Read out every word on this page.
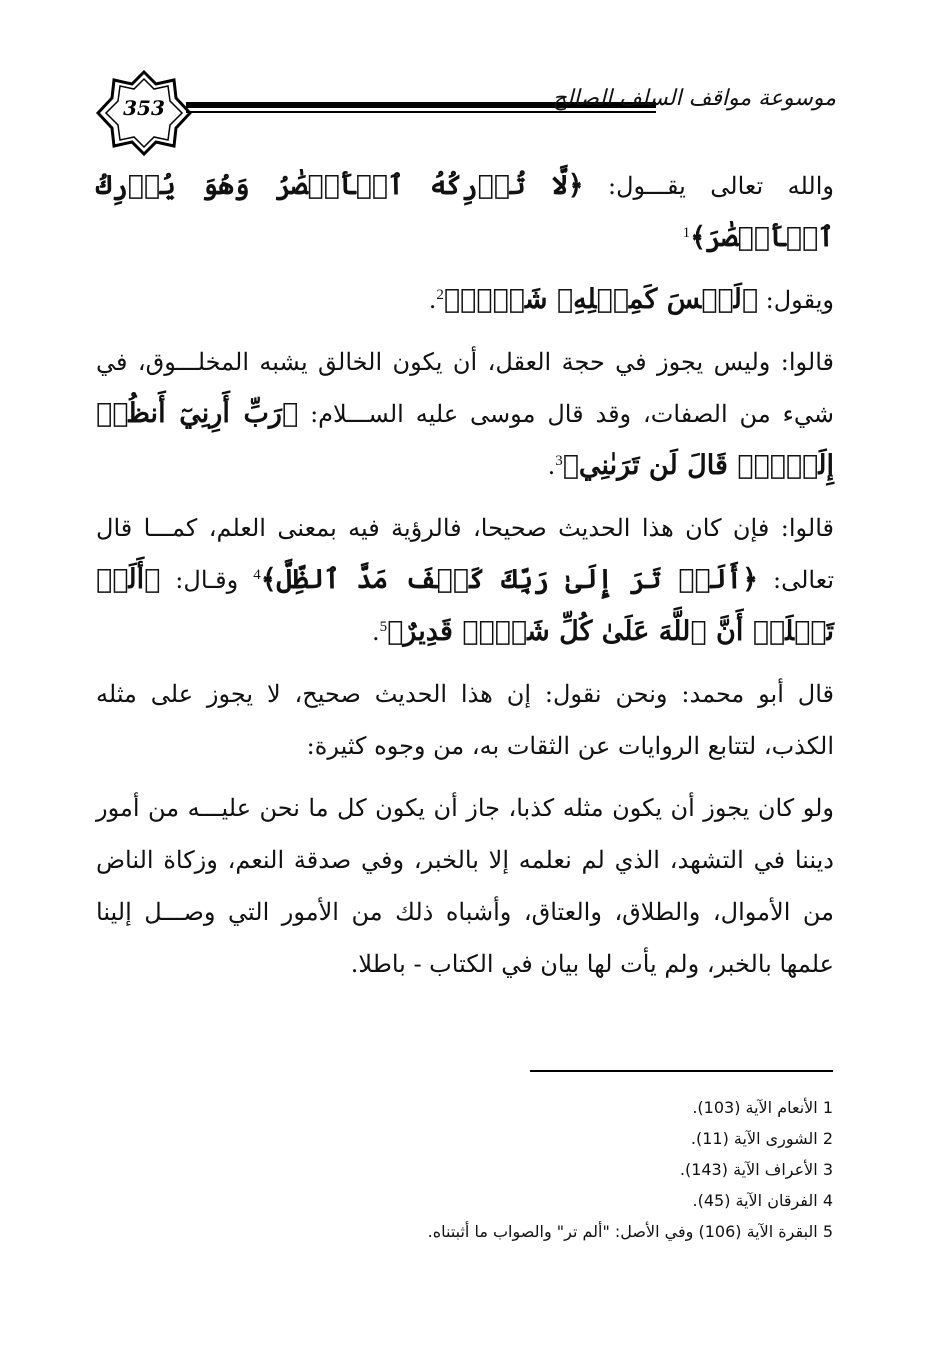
353	موسوعة مواقف السلف الصالح

والله تعالى يقـــول: ﴿لَّا تُدۡرِكُهُ ٱلۡأَبۡصَٰرُ وَهُوَ يُدۡرِكُ ٱلۡأَبۡصَٰرَ﴾$^1$

ويقول: ﴿لَيۡسَ كَمِثۡلِهِۦ شَيۡءٞ﴾$^2$.

قالوا: وليس يجوز في حجة العقل، أن يكون الخالق يشبه المخلـــوق، في شيء من الصفات، وقد قال موسى عليه الســـلام: ﴿رَبِّ أَرِنِيٓ أَنظُرۡ إِلَيۡكَۚ قَالَ لَن تَرَىٰنِي﴾$^3$.

قالوا: فإن كان هذا الحديث صحيحا، فالرؤية فيه بمعنى العلم، كمـــا قال تعالى: ﴿أَلَمۡ تَرَ إِلَىٰ رَبِّكَ كَيۡفَ مَدَّ ٱلظِّلَّ﴾$^4$ وقـال: ﴿أَلَمۡ تَعۡلَمۡ أَنَّ ٱللَّهَ عَلَىٰ كُلِّ شَيۡءٖ قَدِيرٌ﴾$^5$.

قال أبو محمد: ونحن نقول: إن هذا الحديث صحيح، لا يجوز على مثله الكذب، لتتابع الروايات عن الثقات به، من وجوه كثيرة:

ولو كان يجوز أن يكون مثله كذبا، جاز أن يكون كل ما نحن عليـــه من أمور ديننا في التشهد، الذي لم نعلمه إلا بالخبر، وفي صدقة النعم، وزكاة الناض من الأموال، والطلاق، والعتاق، وأشباه ذلك من الأمور التي وصـــل إلينا علمها بالخبر، ولم يأت لها بيان في الكتاب - باطلا.

1 الأنعام الآية (103).
2 الشورى الآية (11).
3 الأعراف الآية (143).
4 الفرقان الآية (45).
5 البقرة الآية (106) وفي الأصل: "ألم تر" والصواب ما أثبتناه.
